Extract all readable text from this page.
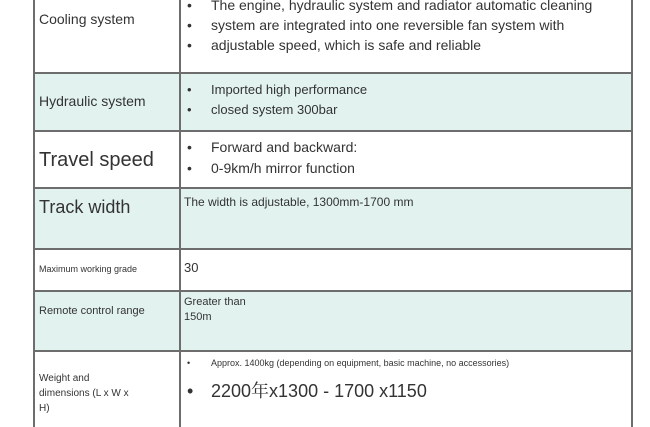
Cooling system
• The engine, hydraulic system and radiator automatic cleaning
• system are integrated into one reversible fan system with
• adjustable speed, which is safe and reliable
Hydraulic system
• Imported high performance
• closed system 300bar
Travel speed
• Forward and backward:
• 0-9km/h mirror function
Track width	The width is adjustable, 1300mm-1700 mm
Maximum working grade	30
Remote control range
Greater than
150m
Weight and
dimensions (L x W x
H)
• Approx. 1400kg (depending on equipment, basic machine, no accessories)
• 2200年x1300 - 1700 x1150
